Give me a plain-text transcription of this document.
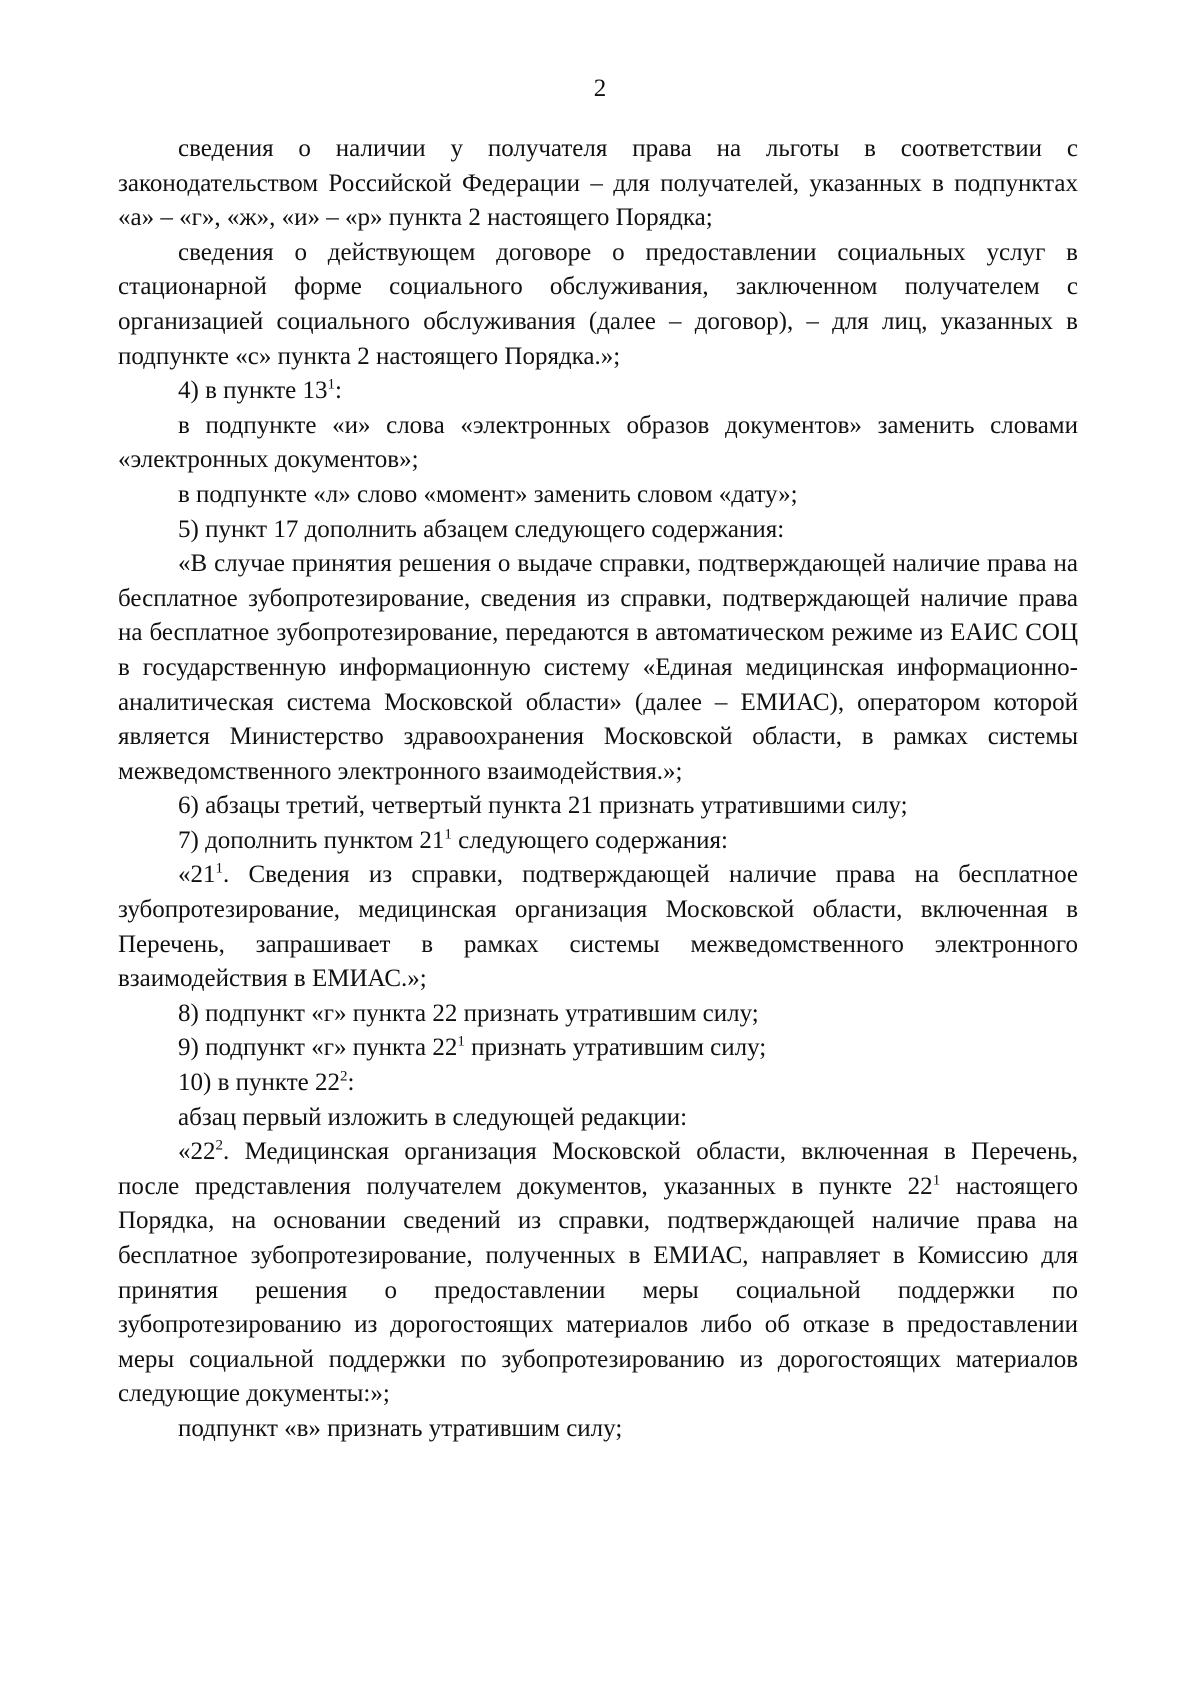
2

сведения о наличии у получателя права на льготы в соответствии с законодательством Российской Федерации – для получателей, указанных в подпунктах «а» – «г», «ж», «и» – «р» пункта 2 настоящего Порядка;

сведения о действующем договоре о предоставлении социальных услуг в стационарной форме социального обслуживания, заключенном получателем с организацией социального обслуживания (далее – договор), – для лиц, указанных в подпункте «с» пункта 2 настоящего Порядка.»;

4) в пункте $13^1$:

в подпункте «и» слова «электронных образов документов» заменить словами «электронных документов»;

в подпункте «л» слово «момент» заменить словом «дату»;

5) пункт 17 дополнить абзацем следующего содержания:

«В случае принятия решения о выдаче справки, подтверждающей наличие права на бесплатное зубопротезирование, сведения из справки, подтверждающей наличие права на бесплатное зубопротезирование, передаются в автоматическом режиме из ЕАИС СОЦ в государственную информационную систему «Единая медицинская информационно-аналитическая система Московской области» (далее – ЕМИАС), оператором которой является Министерство здравоохранения Московской области, в рамках системы межведомственного электронного взаимодействия.»;

6) абзацы третий, четвертый пункта 21 признать утратившими силу;

7) дополнить пунктом $21^1$ следующего содержания:

«$21^1$. Сведения из справки, подтверждающей наличие права на бесплатное зубопротезирование, медицинская организация Московской области, включенная в Перечень, запрашивает в рамках системы межведомственного электронного взаимодействия в ЕМИАС.»;

8) подпункт «г» пункта 22 признать утратившим силу;

9) подпункт «г» пункта $22^1$ признать утратившим силу;

10) в пункте $22^2$:

абзац первый изложить в следующей редакции:

«$22^2$. Медицинская организация Московской области, включенная в Перечень, после представления получателем документов, указанных в пункте $22^1$ настоящего Порядка, на основании сведений из справки, подтверждающей наличие права на бесплатное зубопротезирование, полученных в ЕМИАС, направляет в Комиссию для принятия решения о предоставлении меры социальной поддержки по зубопротезированию из дорогостоящих материалов либо об отказе в предоставлении меры социальной поддержки по зубопротезированию из дорогостоящих материалов следующие документы:»;

подпункт «в» признать утратившим силу;
